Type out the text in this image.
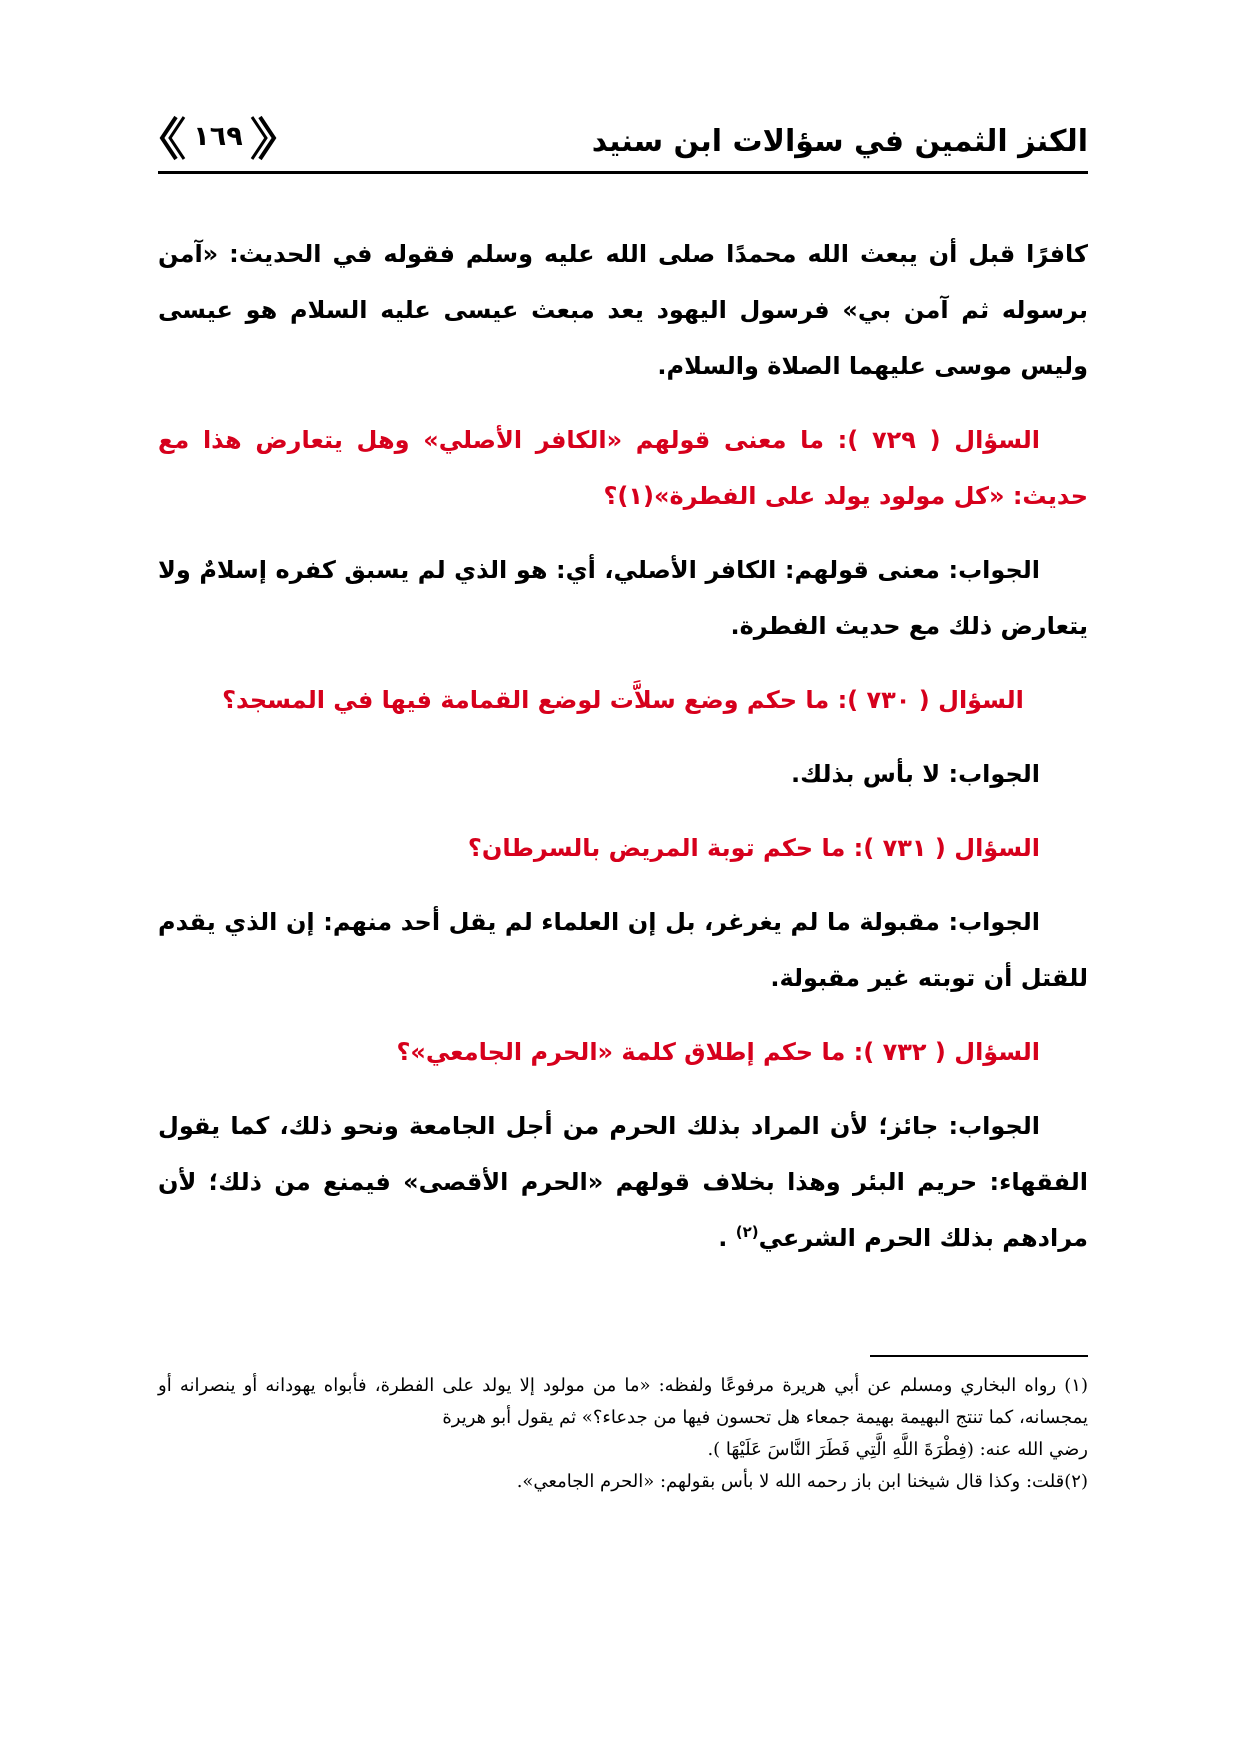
الكنز الثمين في سؤالات ابن سنيد
١٦٩

كافرًا قبل أن يبعث الله محمدًا صلى الله عليه وسلم فقوله في الحديث: «آمن برسوله ثم آمن بي» فرسول اليهود يعد مبعث عيسى عليه السلام هو عيسى وليس موسى عليهما الصلاة والسلام.

السؤال ( ٧٢٩ ): ما معنى قولهم «الكافر الأصلي» وهل يتعارض هذا مع حديث: «كل مولود يولد على الفطرة»(١)؟

الجواب: معنى قولهم: الكافر الأصلي، أي: هو الذي لم يسبق كفره إسلامٌ ولا يتعارض ذلك مع حديث الفطرة.

السؤال ( ٧٣٠ ): ما حكم وضع سلاَّت لوضع القمامة فيها في المسجد؟

الجواب: لا بأس بذلك.

السؤال ( ٧٣١ ): ما حكم توبة المريض بالسرطان؟

الجواب: مقبولة ما لم يغرغر، بل إن العلماء لم يقل أحد منهم: إن الذي يقدم للقتل أن توبته غير مقبولة.

السؤال ( ٧٣٢ ): ما حكم إطلاق كلمة «الحرم الجامعي»؟

الجواب: جائز؛ لأن المراد بذلك الحرم من أجل الجامعة ونحو ذلك، كما يقول الفقهاء: حريم البئر وهذا بخلاف قولهم «الحرم الأقصى» فيمنع من ذلك؛ لأن مرادهم بذلك الحرم الشرعي$^{(٢)}$ .

(١) رواه البخاري ومسلم عن أبي هريرة مرفوعًا ولفظه: «ما من مولود إلا يولد على الفطرة، فأبواه يهودانه أو ينصرانه أو يمجسانه، كما تنتج البهيمة بهيمة جمعاء هل تحسون فيها من جدعاء؟» ثم يقول أبو هريرة

رضي الله عنه: (فِطْرَةَ اللَّهِ الَّتِي فَطَرَ النَّاسَ عَلَيْهَا ).

(٢)قلت: وكذا قال شيخنا ابن باز رحمه الله لا بأس بقولهم: «الحرم الجامعي».
